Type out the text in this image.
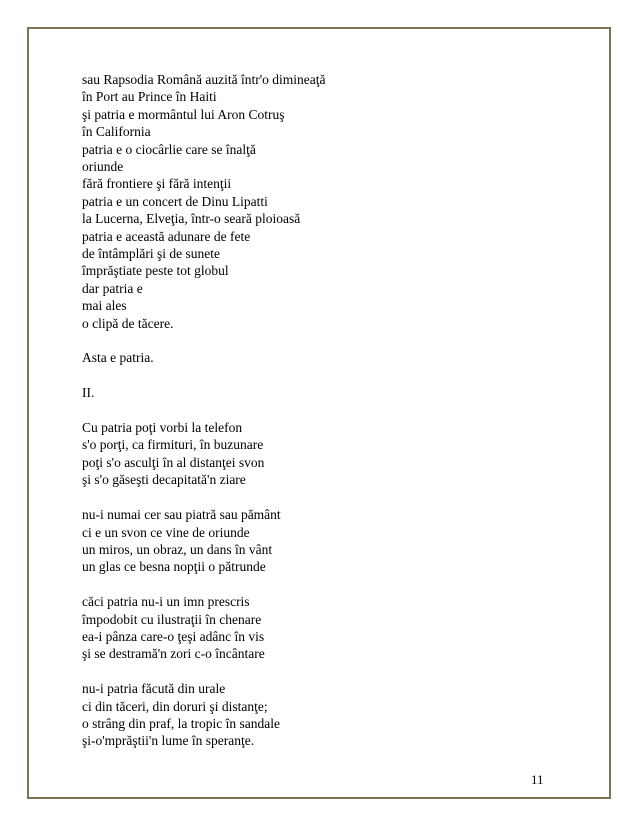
sau Rapsodia Română auzită într'o dimineaţă
în Port au Prince în Haiti
şi patria e mormântul lui Aron Cotruş
în California
patria e o ciocârlie care se înalţă
oriunde
fără frontiere şi fără intenţii
patria e un concert de Dinu Lipatti
la Lucerna, Elveţia, într-o seară ploioasă
patria e această adunare de fete
de întâmplări şi de sunete
împrăştiate peste tot globul
dar patria e
mai ales
o clipă de tăcere.
Asta e patria.
II.
Cu patria poţi vorbi la telefon
s'o porţi, ca firmituri, în buzunare
poţi s'o asculţi în al distanţei svon
şi s'o găseşti decapitată'n ziare
nu-i numai cer sau piatră sau pământ
ci e un svon ce vine de oriunde
un miros, un obraz, un dans în vânt
un glas ce besna nopţii o pătrunde
căci patria nu-i un imn prescris
împodobit cu ilustraţii în chenare
ea-i pânza care-o ţeşi adânc în vis
şi se destramă'n zori c-o încântare
nu-i patria făcută din urale
ci din tăceri, din doruri şi distanţe;
o strâng din praf, la tropic în sandale
şi-o'mprăştii'n lume în speranţe.
11
